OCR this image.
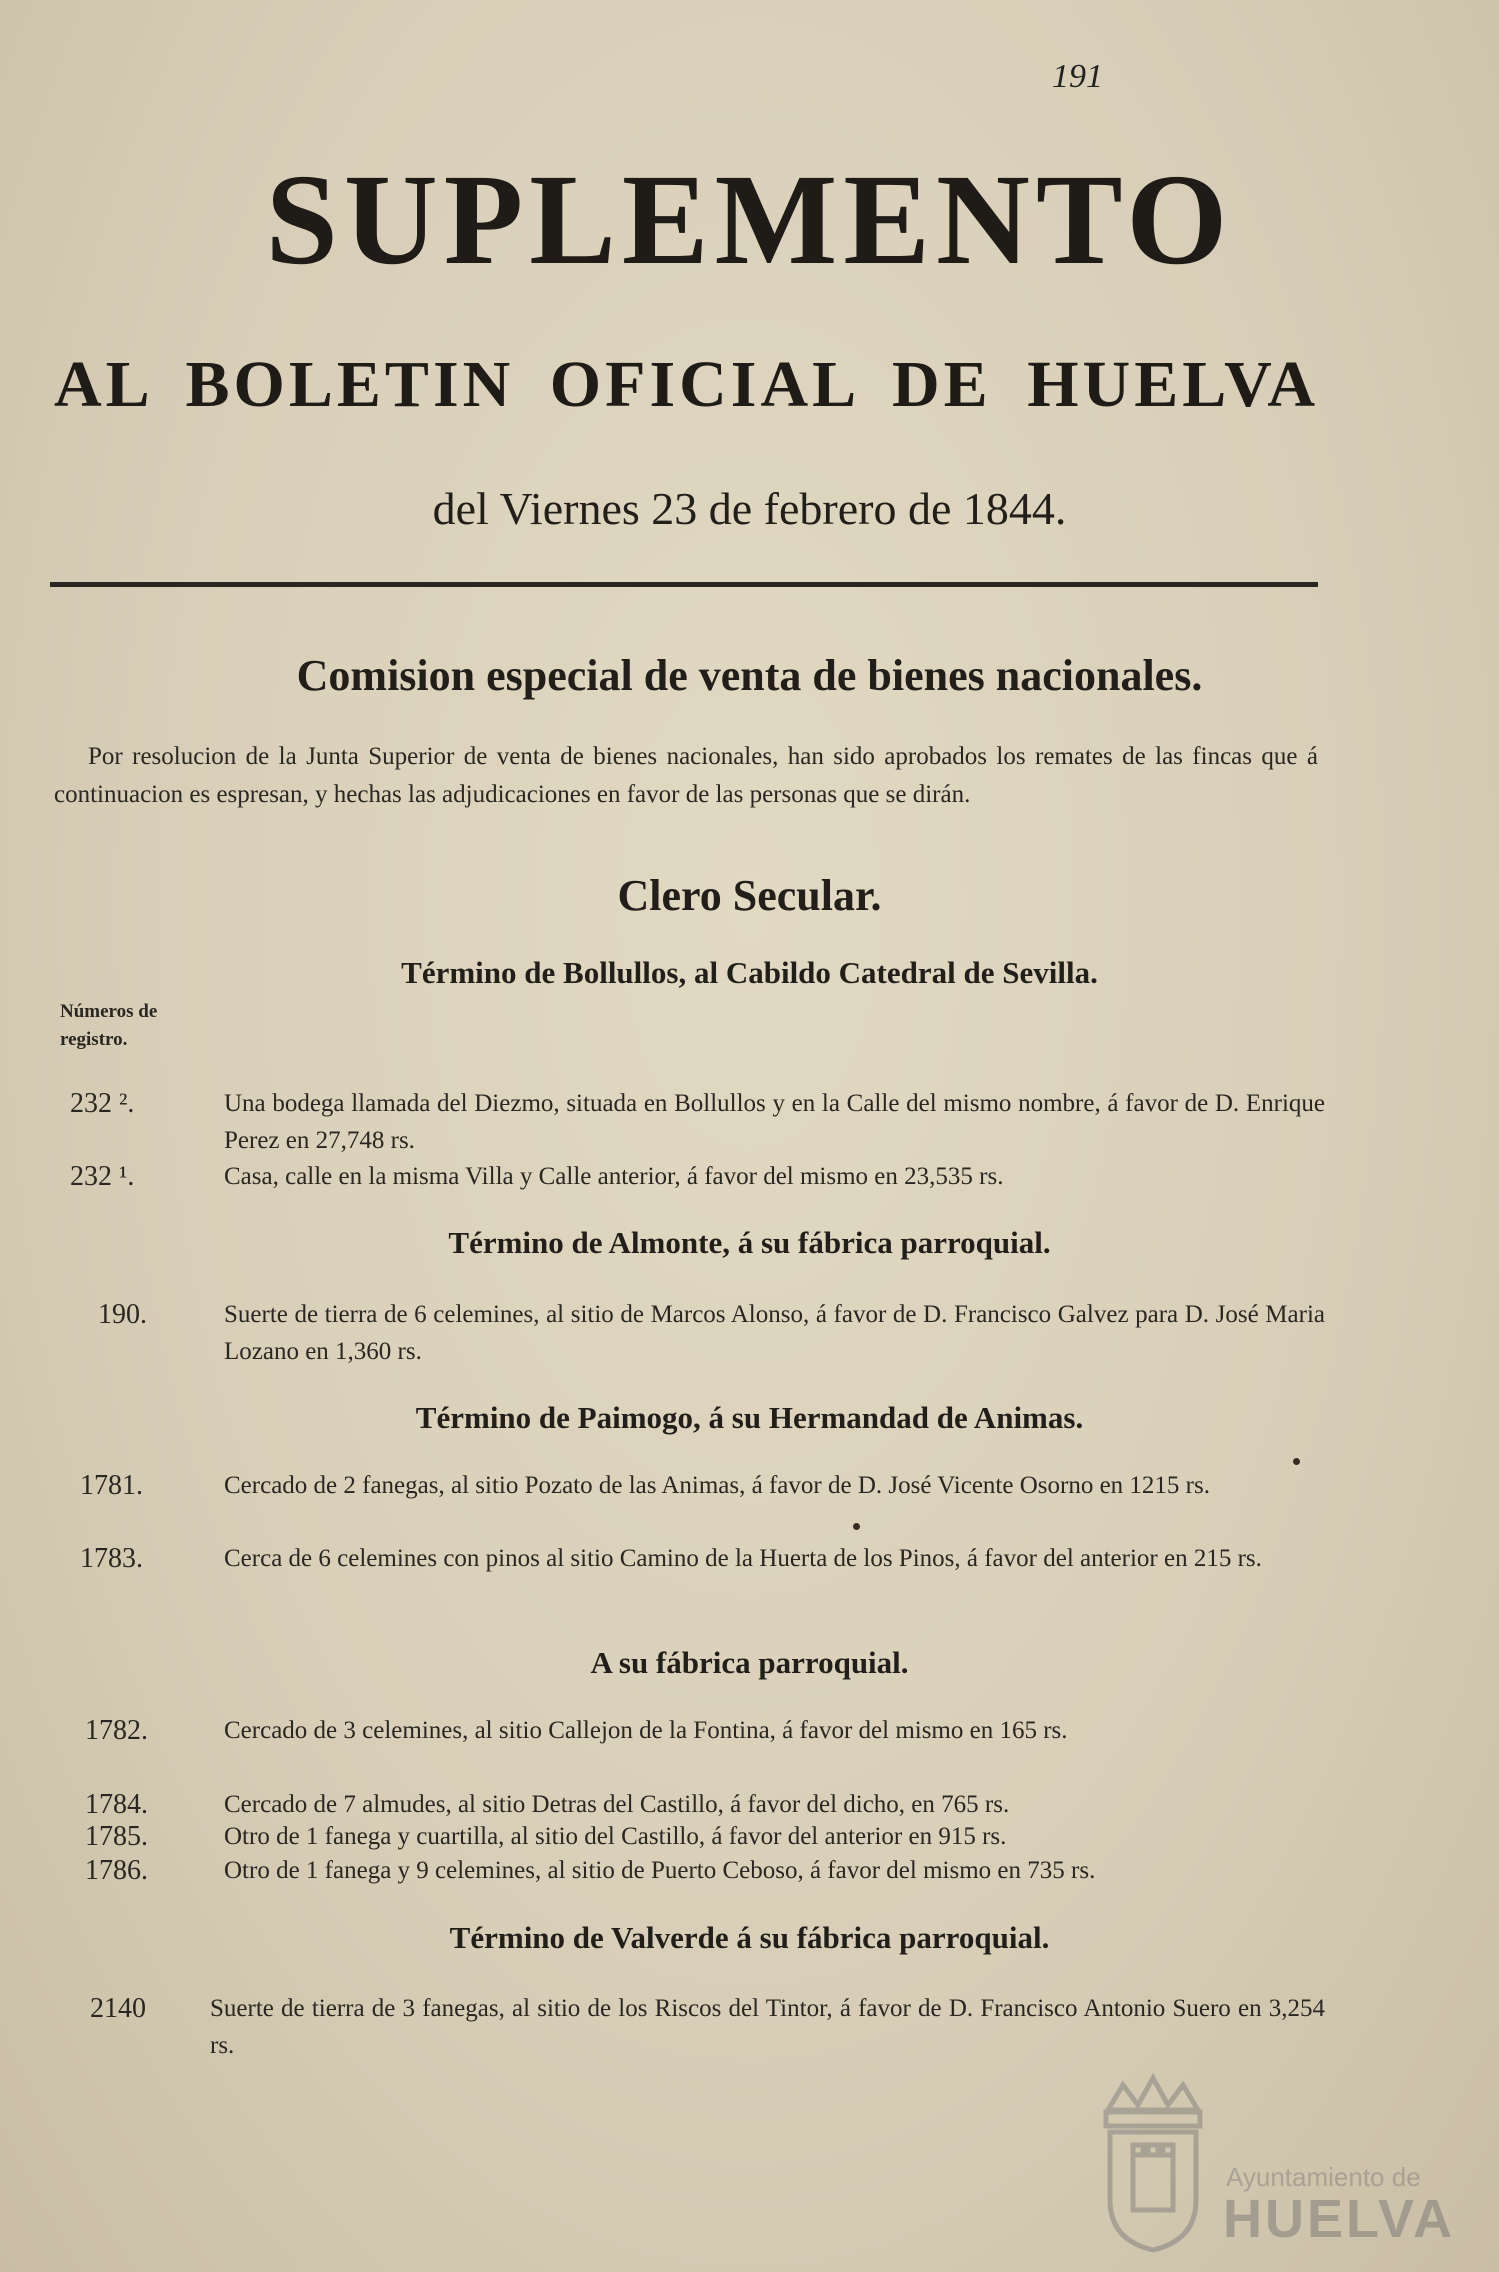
191
SUPLEMENTO
AL BOLETIN OFICIAL DE HUELVA
del Viernes 23 de febrero de 1844.
Comision especial de venta de bienes nacionales.

Por resolucion de la Junta Superior de venta de bienes nacionales, han sido aprobados los remates de las fincas que á continuacion es espresan, y hechas las adjudicaciones en favor de las personas que se dirán.

Clero Secular.
Término de Bollullos, al Cabildo Catedral de Sevilla.
Números de registro.
232 ².	Una bodega llamada del Diezmo, situada en Bollullos y en la Calle del mismo nombre, á favor de D. Enrique Perez en 27,748 rs.
232 ¹.	Casa, calle en la misma Villa y Calle anterior, á favor del mismo en 23,535 rs.
Término de Almonte, á su fábrica parroquial.
190.	Suerte de tierra de 6 celemines, al sitio de Marcos Alonso, á favor de D. Francisco Galvez para D. José Maria Lozano en 1,360 rs.
Término de Paimogo, á su Hermandad de Animas.
1781.	Cercado de 2 fanegas, al sitio Pozato de las Animas, á favor de D. José Vicente Osorno en 1215 rs.
1783.	Cerca de 6 celemines con pinos al sitio Camino de la Huerta de los Pinos, á favor del anterior en 215 rs.
A su fábrica parroquial.
1782.	Cercado de 3 celemines, al sitio Callejon de la Fontina, á favor del mismo en 165 rs.
1784.	Cercado de 7 almudes, al sitio Detras del Castillo, á favor del dicho, en 765 rs.
1785.	Otro de 1 fanega y cuartilla, al sitio del Castillo, á favor del anterior en 915 rs.
1786.	Otro de 1 fanega y 9 celemines, al sitio de Puerto Ceboso, á favor del mismo en 735 rs.
Término de Valverde á su fábrica parroquial.
2140	Suerte de tierra de 3 fanegas, al sitio de los Riscos del Tintor, á favor de D. Francisco Antonio Suero en 3,254 rs.
Ayuntamiento de
HUELVA
